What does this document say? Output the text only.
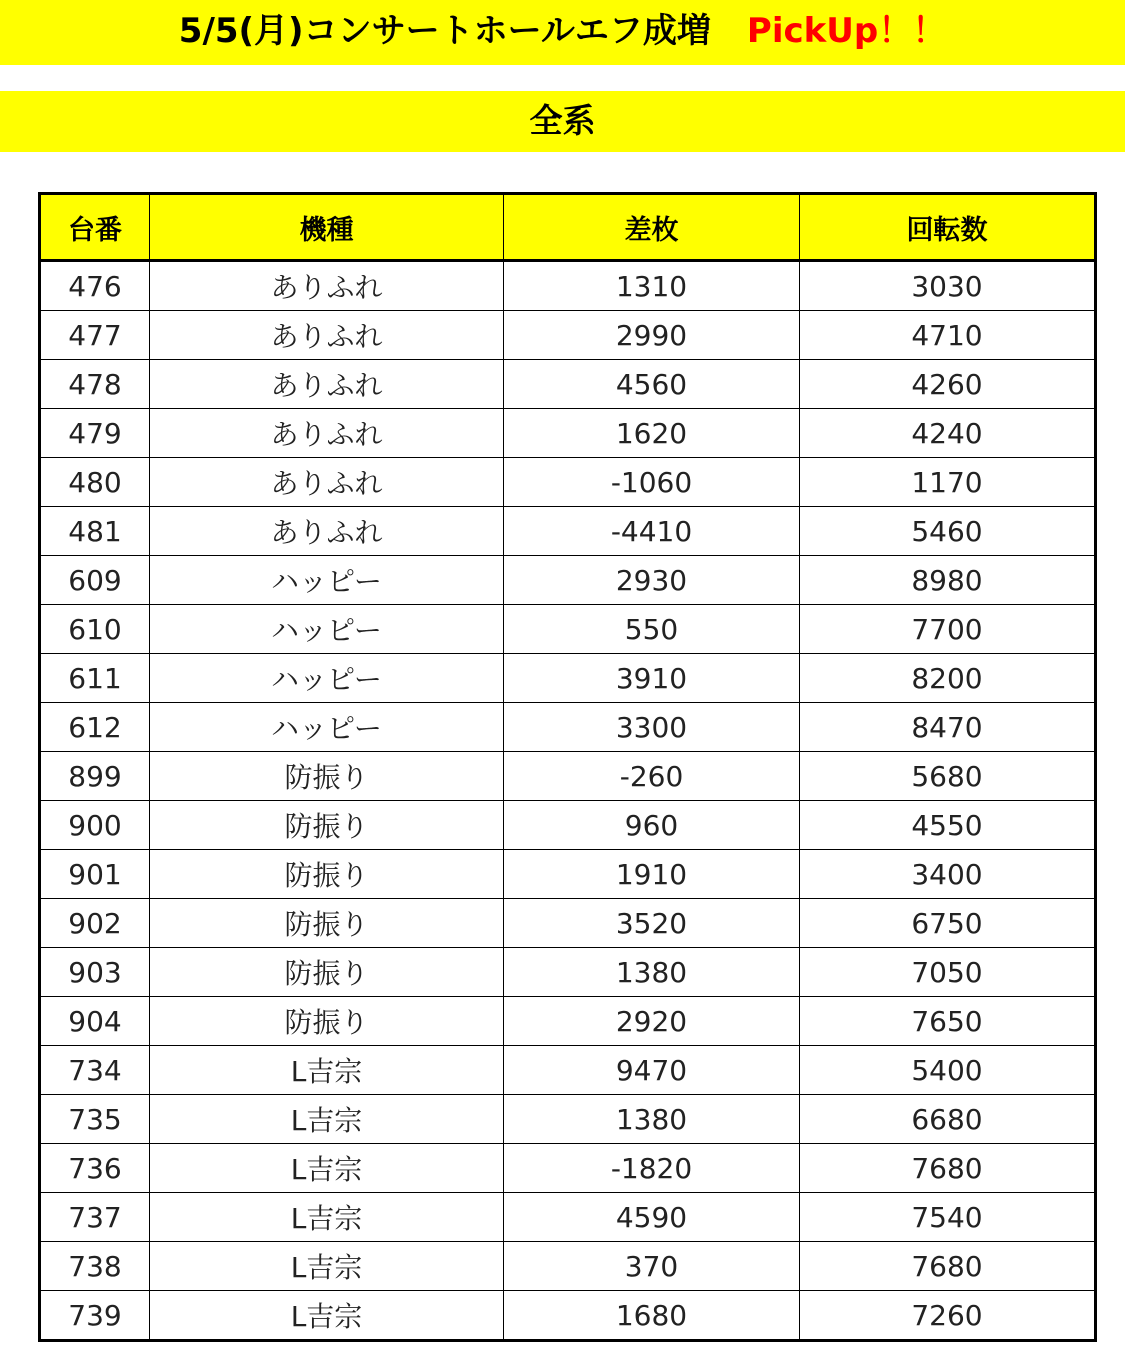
5/5(月)コンサートホールエフ成増 PickUp！！
全系
台番	機種	差枚	回転数
476	ありふれ	1310	3030
477	ありふれ	2990	4710
478	ありふれ	4560	4260
479	ありふれ	1620	4240
480	ありふれ	-1060	1170
481	ありふれ	-4410	5460
609	ハッピー	2930	8980
610	ハッピー	550	7700
611	ハッピー	3910	8200
612	ハッピー	3300	8470
899	防振り	-260	5680
900	防振り	960	4550
901	防振り	1910	3400
902	防振り	3520	6750
903	防振り	1380	7050
904	防振り	2920	7650
734	L吉宗	9470	5400
735	L吉宗	1380	6680
736	L吉宗	-1820	7680
737	L吉宗	4590	7540
738	L吉宗	370	7680
739	L吉宗	1680	7260
